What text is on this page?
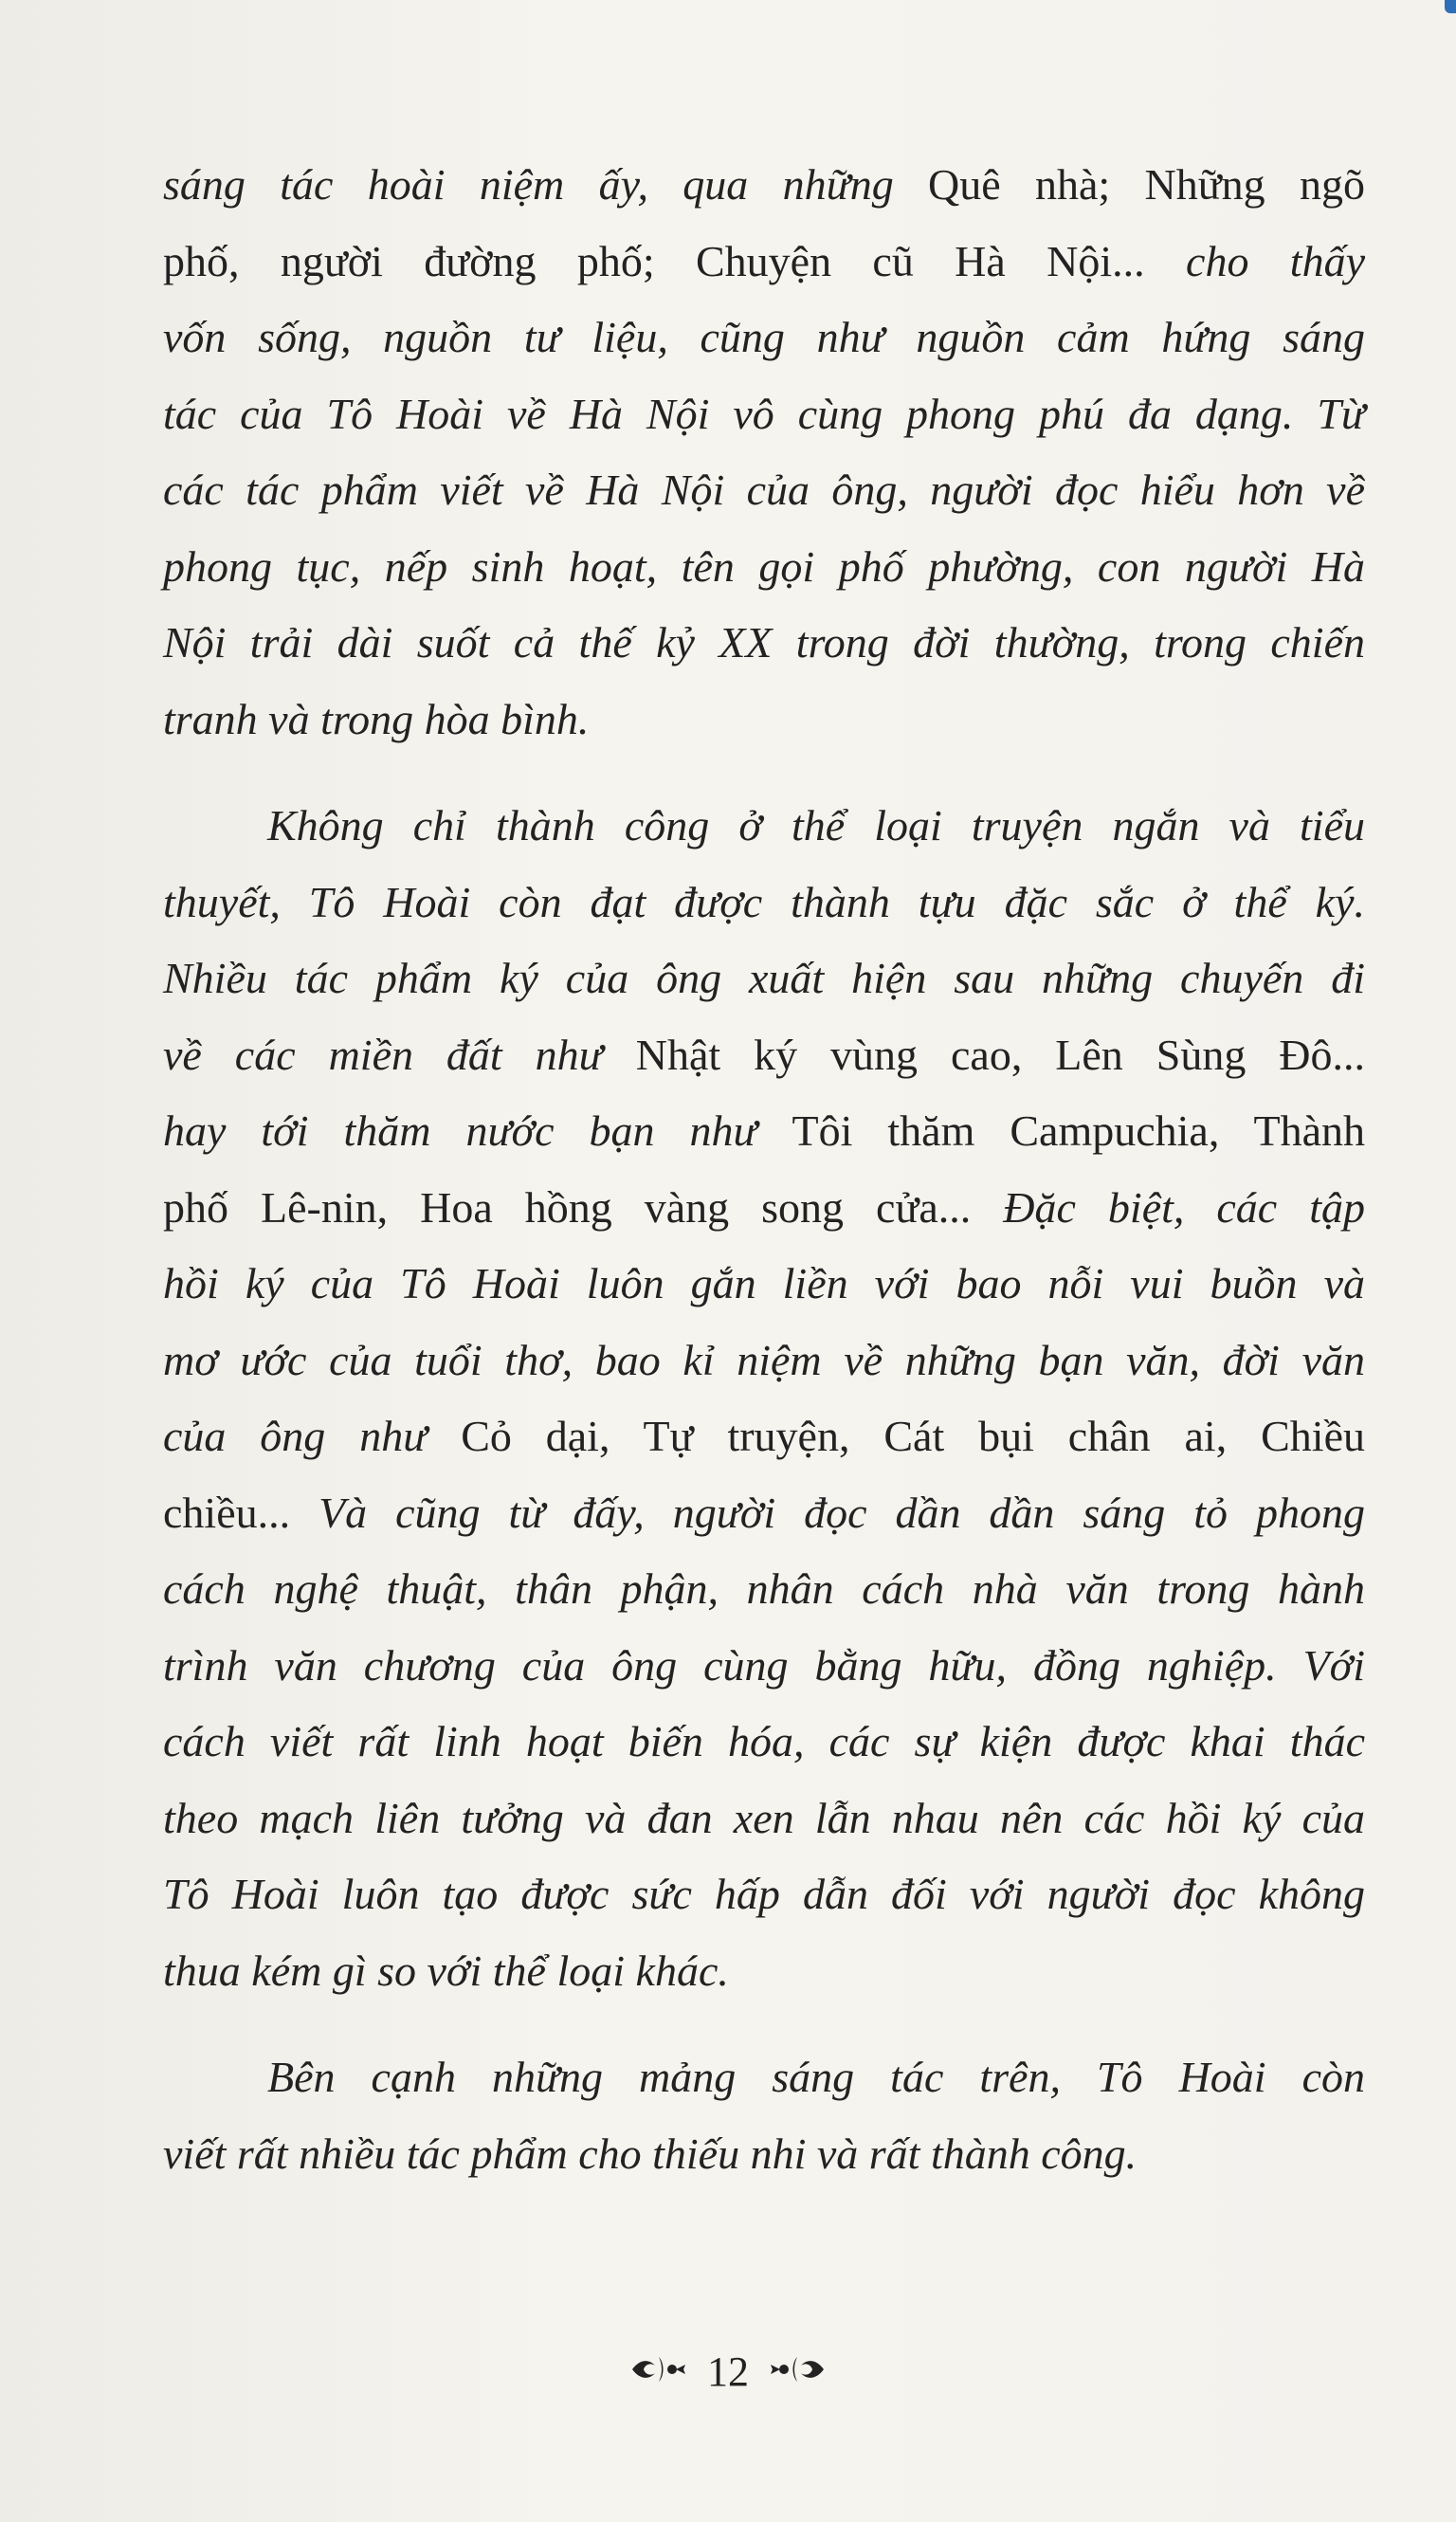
sáng tác hoài niệm ấy, qua những Quê nhà; Những ngõ
phố, người đường phố; Chuyện cũ Hà Nội... cho thấy
vốn sống, nguồn tư liệu, cũng như nguồn cảm hứng sáng
tác của Tô Hoài về Hà Nội vô cùng phong phú đa dạng. Từ
các tác phẩm viết về Hà Nội của ông, người đọc hiểu hơn về
phong tục, nếp sinh hoạt, tên gọi phố phường, con người Hà
Nội trải dài suốt cả thế kỷ XX trong đời thường, trong chiến
tranh và trong hòa bình.
Không chỉ thành công ở thể loại truyện ngắn và tiểu
thuyết, Tô Hoài còn đạt được thành tựu đặc sắc ở thể ký.
Nhiều tác phẩm ký của ông xuất hiện sau những chuyến đi
về các miền đất như Nhật ký vùng cao, Lên Sùng Đô...
hay tới thăm nước bạn như Tôi thăm Campuchia, Thành
phố Lê-nin, Hoa hồng vàng song cửa... Đặc biệt, các tập
hồi ký của Tô Hoài luôn gắn liền với bao nỗi vui buồn và
mơ ước của tuổi thơ, bao kỉ niệm về những bạn văn, đời văn
của ông như Cỏ dại, Tự truyện, Cát bụi chân ai, Chiều
chiều... Và cũng từ đấy, người đọc dần dần sáng tỏ phong
cách nghệ thuật, thân phận, nhân cách nhà văn trong hành
trình văn chương của ông cùng bằng hữu, đồng nghiệp. Với
cách viết rất linh hoạt biến hóa, các sự kiện được khai thác
theo mạch liên tưởng và đan xen lẫn nhau nên các hồi ký của
Tô Hoài luôn tạo được sức hấp dẫn đối với người đọc không
thua kém gì so với thể loại khác.
Bên cạnh những mảng sáng tác trên, Tô Hoài còn
viết rất nhiều tác phẩm cho thiếu nhi và rất thành công.
12
